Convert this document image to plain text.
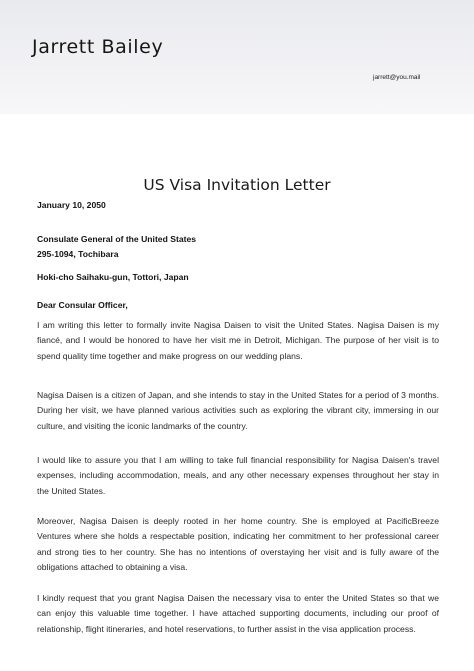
Jarrett Bailey
jarrett@you.mail
US Visa Invitation Letter
January 10, 2050
Consulate General of the United States
295-1094, Tochibara
Hoki-cho Saihaku-gun, Tottori, Japan
Dear Consular Officer,
I am writing this letter to formally invite Nagisa Daisen to visit the United States. Nagisa Daisen is my fiancé, and I would be honored to have her visit me in Detroit, Michigan. The purpose of her visit is to spend quality time together and make progress on our wedding plans.
Nagisa Daisen is a citizen of Japan, and she intends to stay in the United States for a period of 3 months. During her visit, we have planned various activities such as exploring the vibrant city, immersing in our culture, and visiting the iconic landmarks of the country.
I would like to assure you that I am willing to take full financial responsibility for Nagisa Daisen's travel expenses, including accommodation, meals, and any other necessary expenses throughout her stay in the United States.
Moreover, Nagisa Daisen is deeply rooted in her home country. She is employed at PacificBreeze Ventures where she holds a respectable position, indicating her commitment to her professional career and strong ties to her country. She has no intentions of overstaying her visit and is fully aware of the obligations attached to obtaining a visa.
I kindly request that you grant Nagisa Daisen the necessary visa to enter the United States so that we can enjoy this valuable time together. I have attached supporting documents, including our proof of relationship, flight itineraries, and hotel reservations, to further assist in the visa application process.
